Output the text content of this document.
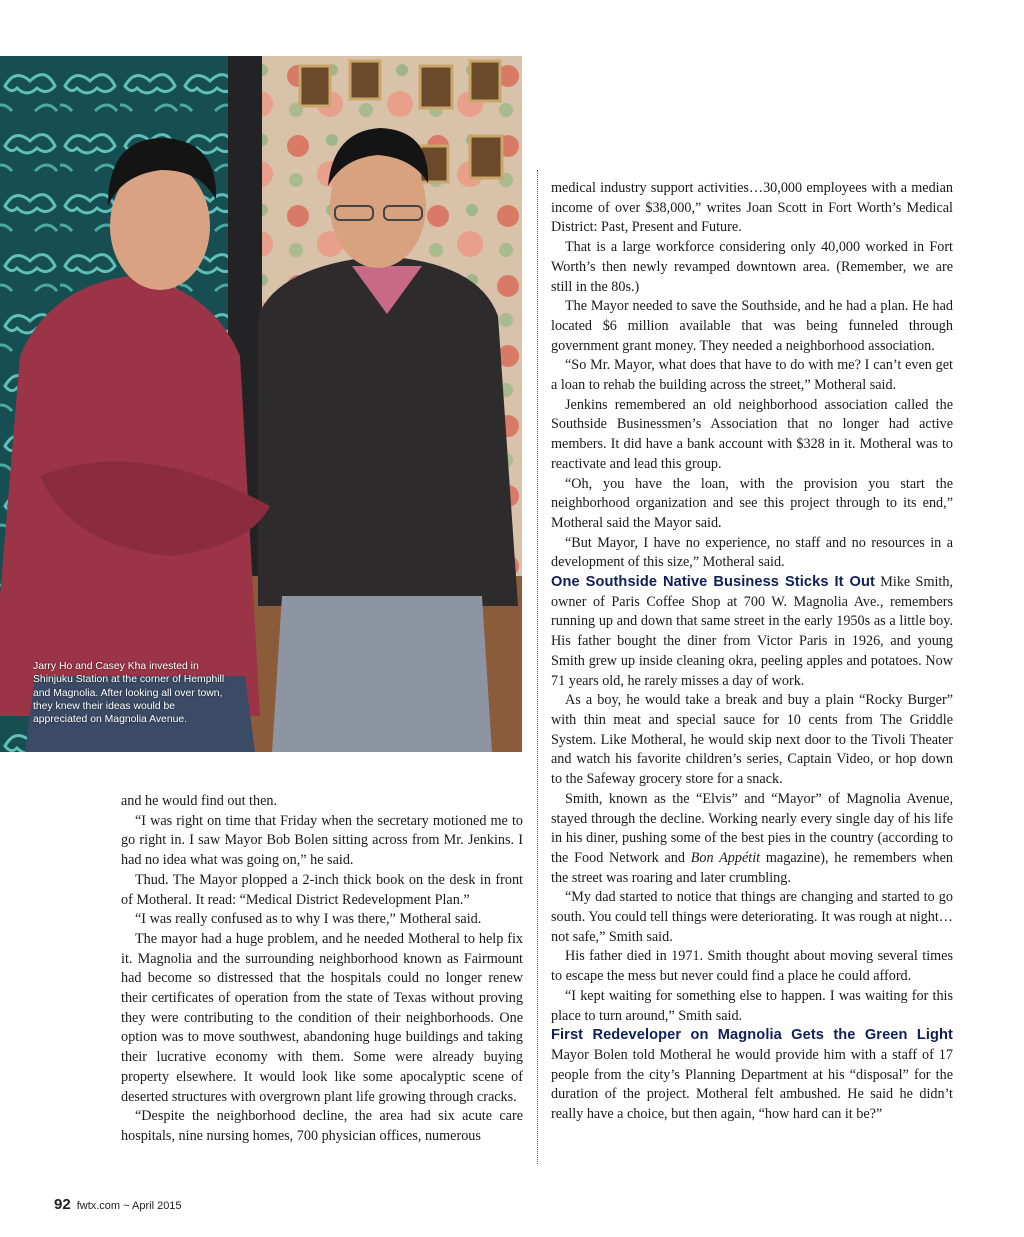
Jarry Ho and Casey Kha invested in Shinjuku Station at the corner of Hemphill and Magnolia. After looking all over town, they knew their ideas would be appreciated on Magnolia Avenue.

and he would find out then.

“I was right on time that Friday when the secretary motioned me to go right in. I saw Mayor Bob Bolen sitting across from Mr. Jenkins. I had no idea what was going on,” he said.

Thud. The Mayor plopped a 2-inch thick book on the desk in front of Motheral. It read: “Medical District Redevelopment Plan.”

“I was really confused as to why I was there,” Motheral said.

The mayor had a huge problem, and he needed Motheral to help fix it. Magnolia and the surrounding neighborhood known as Fairmount had become so distressed that the hospitals could no longer renew their certificates of operation from the state of Texas without proving they were contributing to the condition of their neighborhoods. One option was to move southwest, abandoning huge buildings and taking their lucrative economy with them. Some were already buying property elsewhere. It would look like some apocalyptic scene of deserted structures with overgrown plant life growing through cracks.

“Despite the neighborhood decline, the area had six acute care hospitals, nine nursing homes, 700 physician offices, numerous

medical industry support activities…30,000 employees with a median income of over $38,000,” writes Joan Scott in Fort Worth’s Medical District: Past, Present and Future.

That is a large workforce considering only 40,000 worked in Fort Worth’s then newly revamped downtown area. (Remember, we are still in the 80s.)

The Mayor needed to save the Southside, and he had a plan. He had located $6 million available that was being funneled through government grant money. They needed a neighborhood association.

“So Mr. Mayor, what does that have to do with me? I can’t even get a loan to rehab the building across the street,” Motheral said.

Jenkins remembered an old neighborhood association called the Southside Businessmen’s Association that no longer had active members. It did have a bank account with $328 in it. Motheral was to reactivate and lead this group.

“Oh, you have the loan, with the provision you start the neighborhood organization and see this project through to its end,” Motheral said the Mayor said.

“But Mayor, I have no experience, no staff and no resources in a development of this size,” Motheral said.

One Southside Native Business Sticks It Out Mike Smith, owner of Paris Coffee Shop at 700 W. Magnolia Ave., remembers running up and down that same street in the early 1950s as a little boy. His father bought the diner from Victor Paris in 1926, and young Smith grew up inside cleaning okra, peeling apples and potatoes. Now 71 years old, he rarely misses a day of work.

As a boy, he would take a break and buy a plain “Rocky Burger” with thin meat and special sauce for 10 cents from The Griddle System. Like Motheral, he would skip next door to the Tivoli Theater and watch his favorite children’s series, Captain Video, or hop down to the Safeway grocery store for a snack.

Smith, known as the “Elvis” and “Mayor” of Magnolia Avenue, stayed through the decline. Working nearly every single day of his life in his diner, pushing some of the best pies in the country (according to the Food Network and Bon Appétit magazine), he remembers when the street was roaring and later crumbling.

“My dad started to notice that things are changing and started to go south. You could tell things were deteriorating. It was rough at night…not safe,” Smith said.

His father died in 1971. Smith thought about moving several times to escape the mess but never could find a place he could afford.

“I kept waiting for something else to happen. I was waiting for this place to turn around,” Smith said.

First Redeveloper on Magnolia Gets the Green Light Mayor Bolen told Motheral he would provide him with a staff of 17 people from the city’s Planning Department at his “disposal” for the duration of the project. Motheral felt ambushed. He said he didn’t really have a choice, but then again, “how hard can it be?”

92 fwtx.com ~ April 2015
